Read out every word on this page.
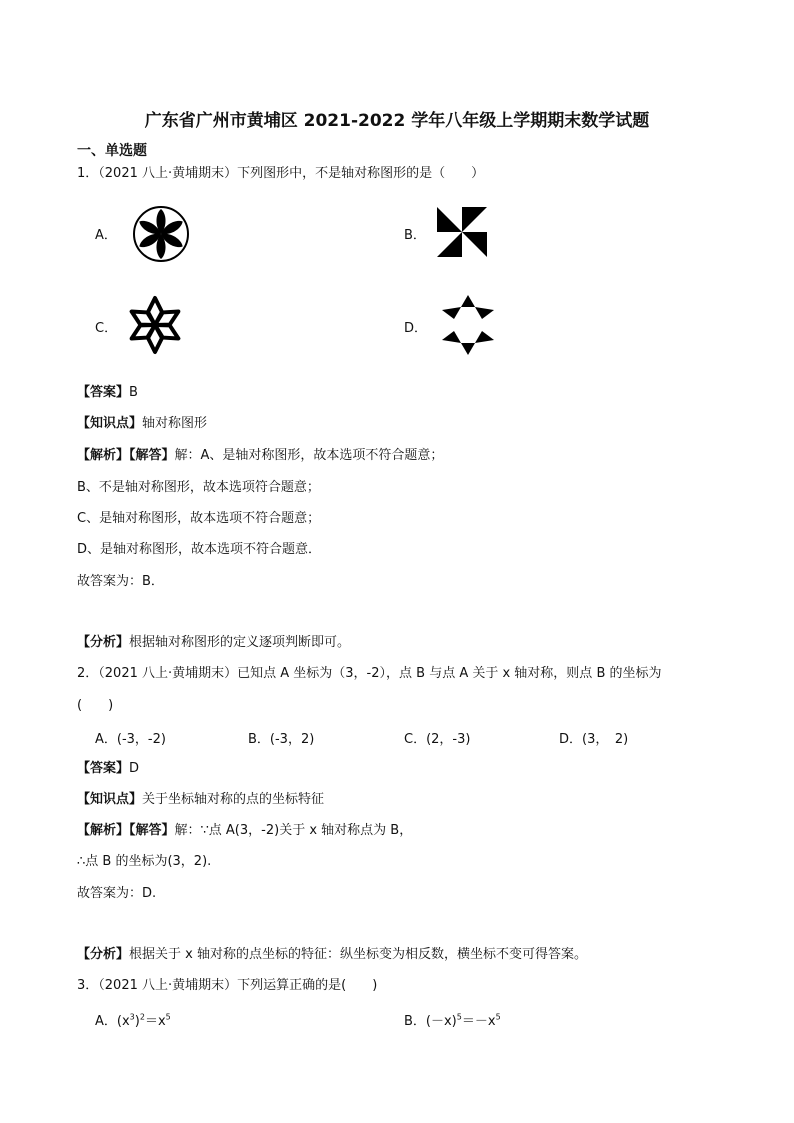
广东省广州市黄埔区 2021-2022 学年八年级上学期期末数学试题
一、单选题
1．（2021 八上·黄埔期末）下列图形中，不是轴对称图形的是（　　）
A．	B．
C．	D．
【答案】B
【知识点】轴对称图形
【解析】【解答】解：A、是轴对称图形，故本选项不符合题意；
B、不是轴对称图形，故本选项符合题意；
C、是轴对称图形，故本选项不符合题意；
D、是轴对称图形，故本选项不符合题意．
故答案为：B．
【分析】根据轴对称图形的定义逐项判断即可。
2．（2021 八上·黄埔期末）已知点 A 坐标为（3，-2），点 B 与点 A 关于 x 轴对称，则点 B 的坐标为
(　　)
A．(-3，-2)	B．(-3，2)	C．(2，-3)	D．(3，　2)
【答案】D
【知识点】关于坐标轴对称的点的坐标特征
【解析】【解答】解：∵点 A(3，-2)关于 x 轴对称点为 B，
∴点 B 的坐标为(3，2).
故答案为：D.
【分析】根据关于 x 轴对称的点坐标的特征：纵坐标变为相反数，横坐标不变可得答案。
3．（2021 八上·黄埔期末）下列运算正确的是(　　)
A．$(x^3)^2=x^5$	B．$(-x)^5=-x^5$
